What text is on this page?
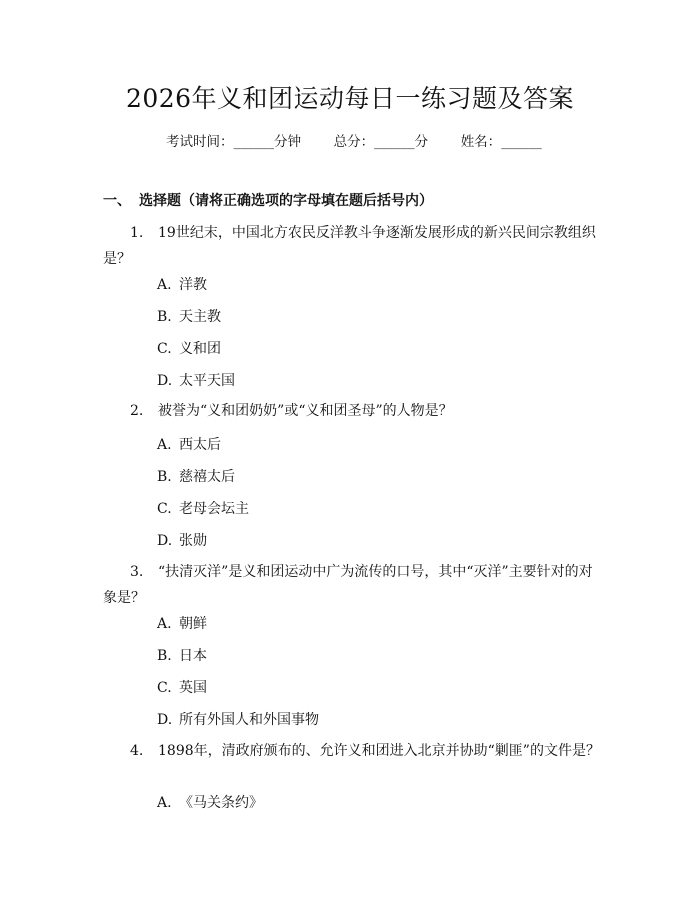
2026年义和团运动每日一练习题及答案
考试时间：______分钟 总分：______分 姓名：______
一、 选择题（请将正确选项的字母填在题后括号内）
1. 19世纪末，中国北方农民反洋教斗争逐渐发展形成的新兴民间宗教组织是？
A. 洋教
B. 天主教
C. 义和团
D. 太平天国
2. 被誉为“义和团奶奶”或“义和团圣母”的人物是？
A. 西太后
B. 慈禧太后
C. 老母会坛主
D. 张勋
3. “扶清灭洋”是义和团运动中广为流传的口号，其中“灭洋”主要针对的对象是？
A. 朝鲜
B. 日本
C. 英国
D. 所有外国人和外国事物
4. 1898年，清政府颁布的、允许义和团进入北京并协助“剿匪”的文件是？
A. 《马关条约》
